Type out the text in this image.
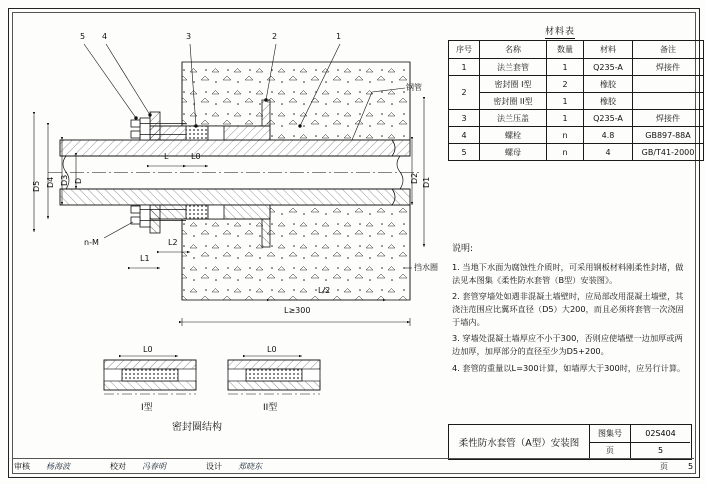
5 4	3	2	1
钢管
挡水圈
D5 D4 D3 D	D1
D2
L≥300
L/2
L1
L2
L0
L
n-M
L0	L0
I型	II型
密封圈结构
材料表
序号	名称	数量	材料	备注
1	法兰套管	1	Q235-A	焊接件
2	密封圈 I型	2	橡胶	
	密封圈 II型	1	橡胶	
3	法兰压盖	1	Q235-A	焊接件
4	螺栓	n	4.8	GB897-88A
5	螺母	n	4	GB/T41-2000
说明:

1. 当地下水面为腐蚀性介质时，可采用钢板材料刚柔性封堵，做法见本图集《柔性防水套管（B型）安装图》。

2. 套管穿墙处如遇非混凝土墙壁时，应局部改用混凝土墙壁，其浇注范围应比翼环直径（D5）大200，而且必须将套管一次浇固于墙内。

3. 穿墙处混凝土墙厚应不小于300，否则应使墙壁一边加厚或两边加厚，加厚部分的直径至少为D5+200。

4. 套管的重量以L=300计算，如墙厚大于300时，应另行计算。

柔性防水套管（A型）安装图
图集号	02S404
页	5
审核	杨海波	校对	冯春明	设计	郑晓东	页	5
